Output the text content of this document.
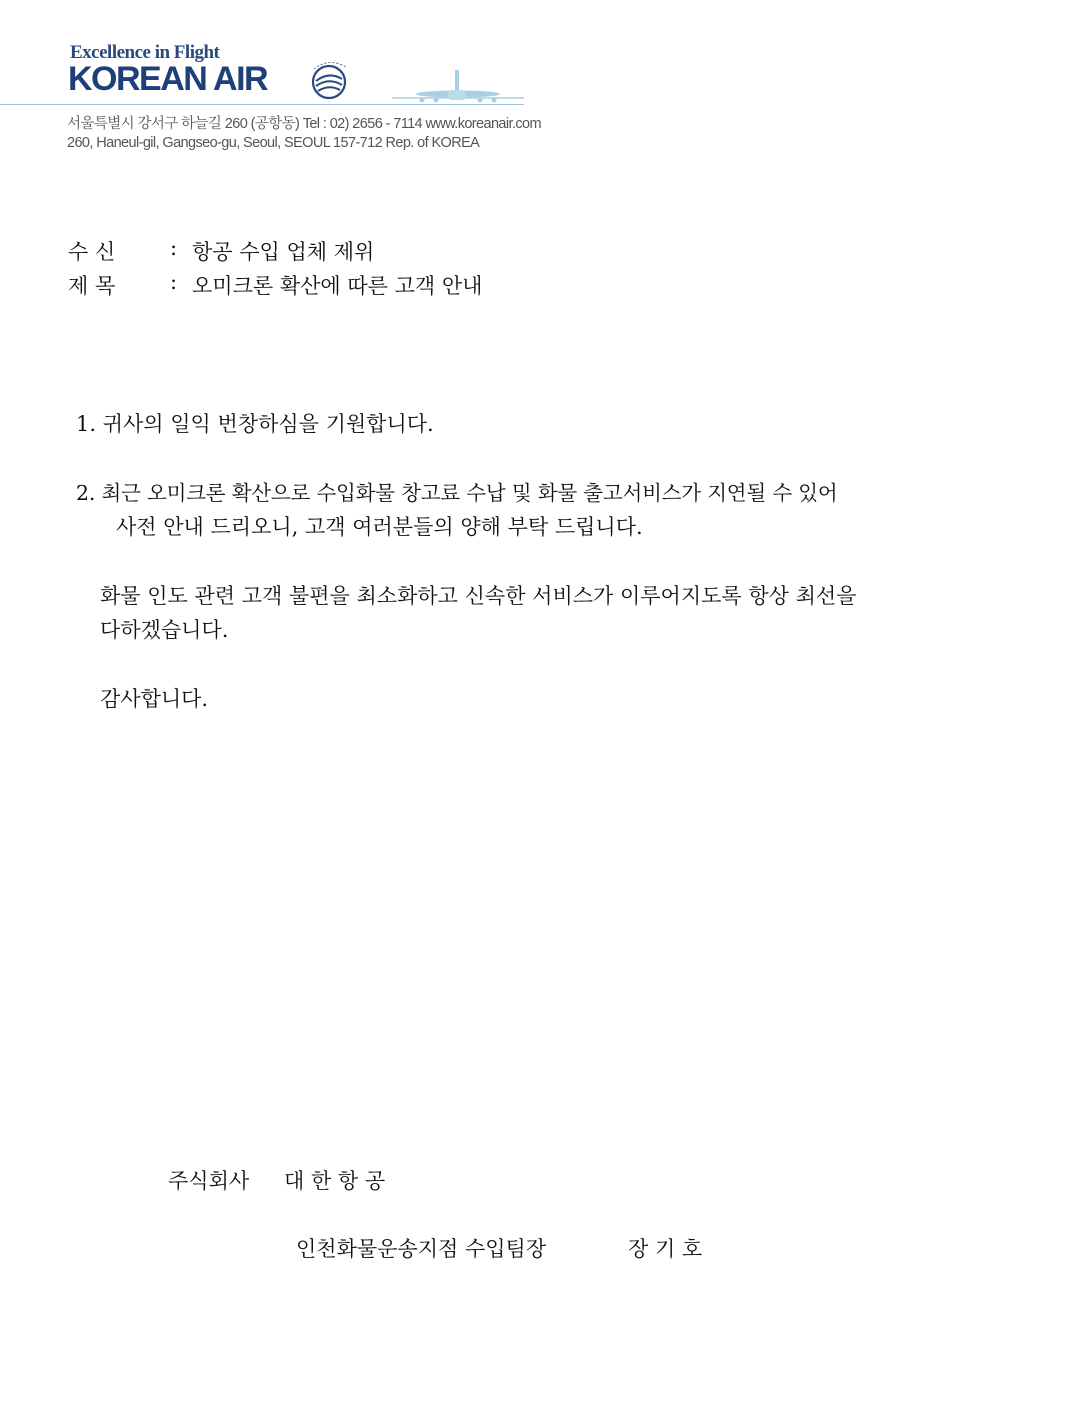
Excellence in Flight
KOREAN AIR
서울특별시 강서구 하늘길 260 (공항동) Tel : 02) 2656 - 7114 www.koreanair.com
260, Haneul-gil, Gangseo-gu, Seoul, SEOUL 157-712 Rep. of KOREA
수 신	: 항공 수입 업체 제위
제 목	: 오미크론 확산에 따른 고객 안내
1. 귀사의 일익 번창하심을 기원합니다.
2. 최근 오미크론 확산으로 수입화물 창고료 수납 및 화물 출고서비스가 지연될 수 있어
사전 안내 드리오니, 고객 여러분들의 양해 부탁 드립니다.
화물 인도 관련 고객 불편을 최소화하고 신속한 서비스가 이루어지도록 항상 최선을
다하겠습니다.
감사합니다.
주식회사 대 한 항 공
인천화물운송지점 수입팀장	장 기 호
